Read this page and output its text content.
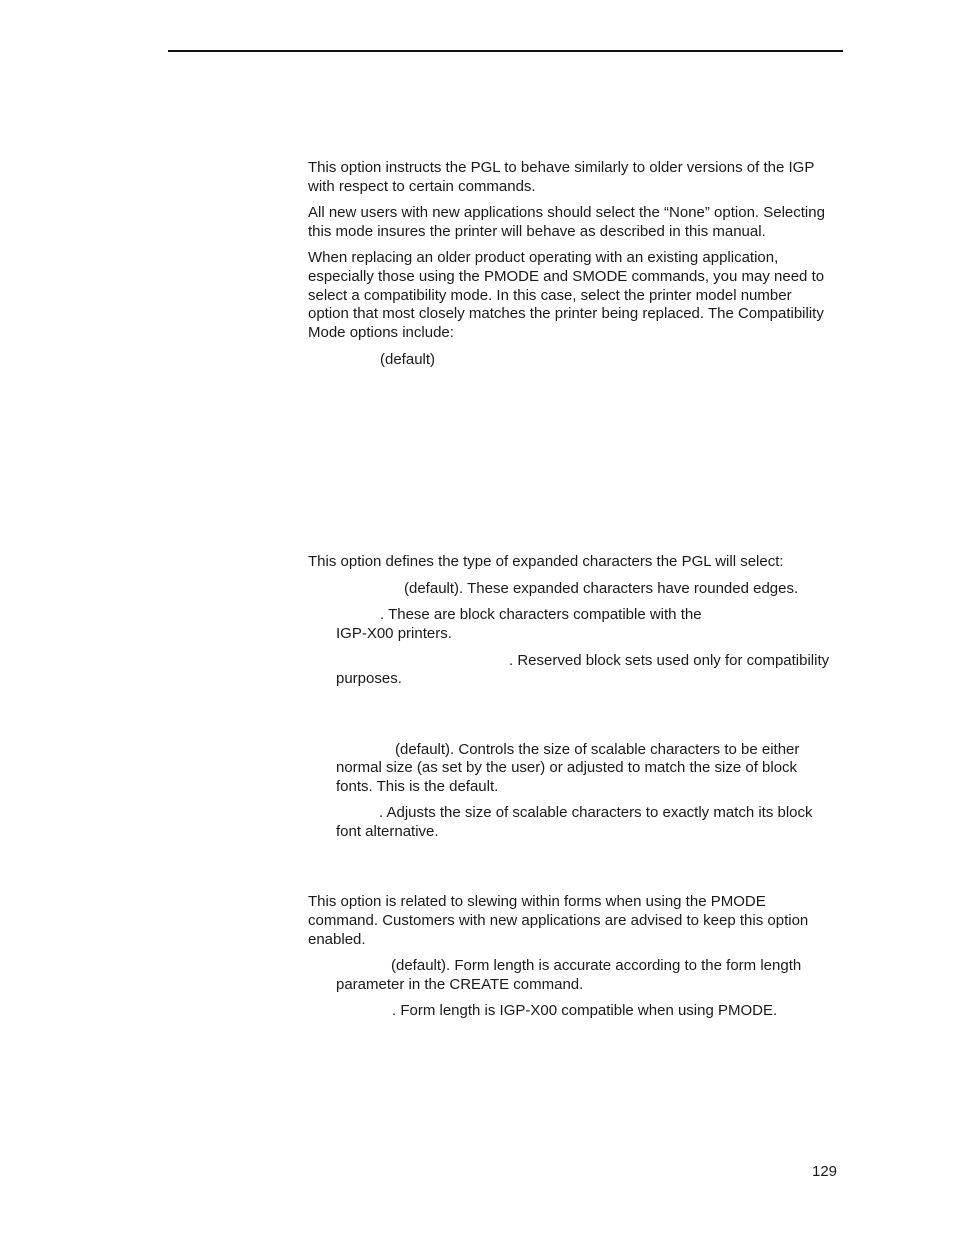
This option instructs the PGL to behave similarly to older versions of the IGP

with respect to certain commands.

All new users with new applications should select the “None” option. Selecting

this mode insures the printer will behave as described in this manual.

When replacing an older product operating with an existing application,

especially those using the PMODE and SMODE commands, you may need to

select a compatibility mode. In this case, select the printer model number

option that most closely matches the printer being replaced. The Compatibility

Mode options include:

(default)

This option defines the type of expanded characters the PGL will select:

(default). These expanded characters have rounded edges.

. These are block characters compatible with the

IGP-X00 printers.

. Reserved block sets used only for compatibility

purposes.

(default). Controls the size of scalable characters to be either

normal size (as set by the user) or adjusted to match the size of block

fonts. This is the default.

. Adjusts the size of scalable characters to exactly match its block

font alternative.

This option is related to slewing within forms when using the PMODE

command. Customers with new applications are advised to keep this option

enabled.

(default). Form length is accurate according to the form length

parameter in the CREATE command.

. Form length is IGP-X00 compatible when using PMODE.

129
